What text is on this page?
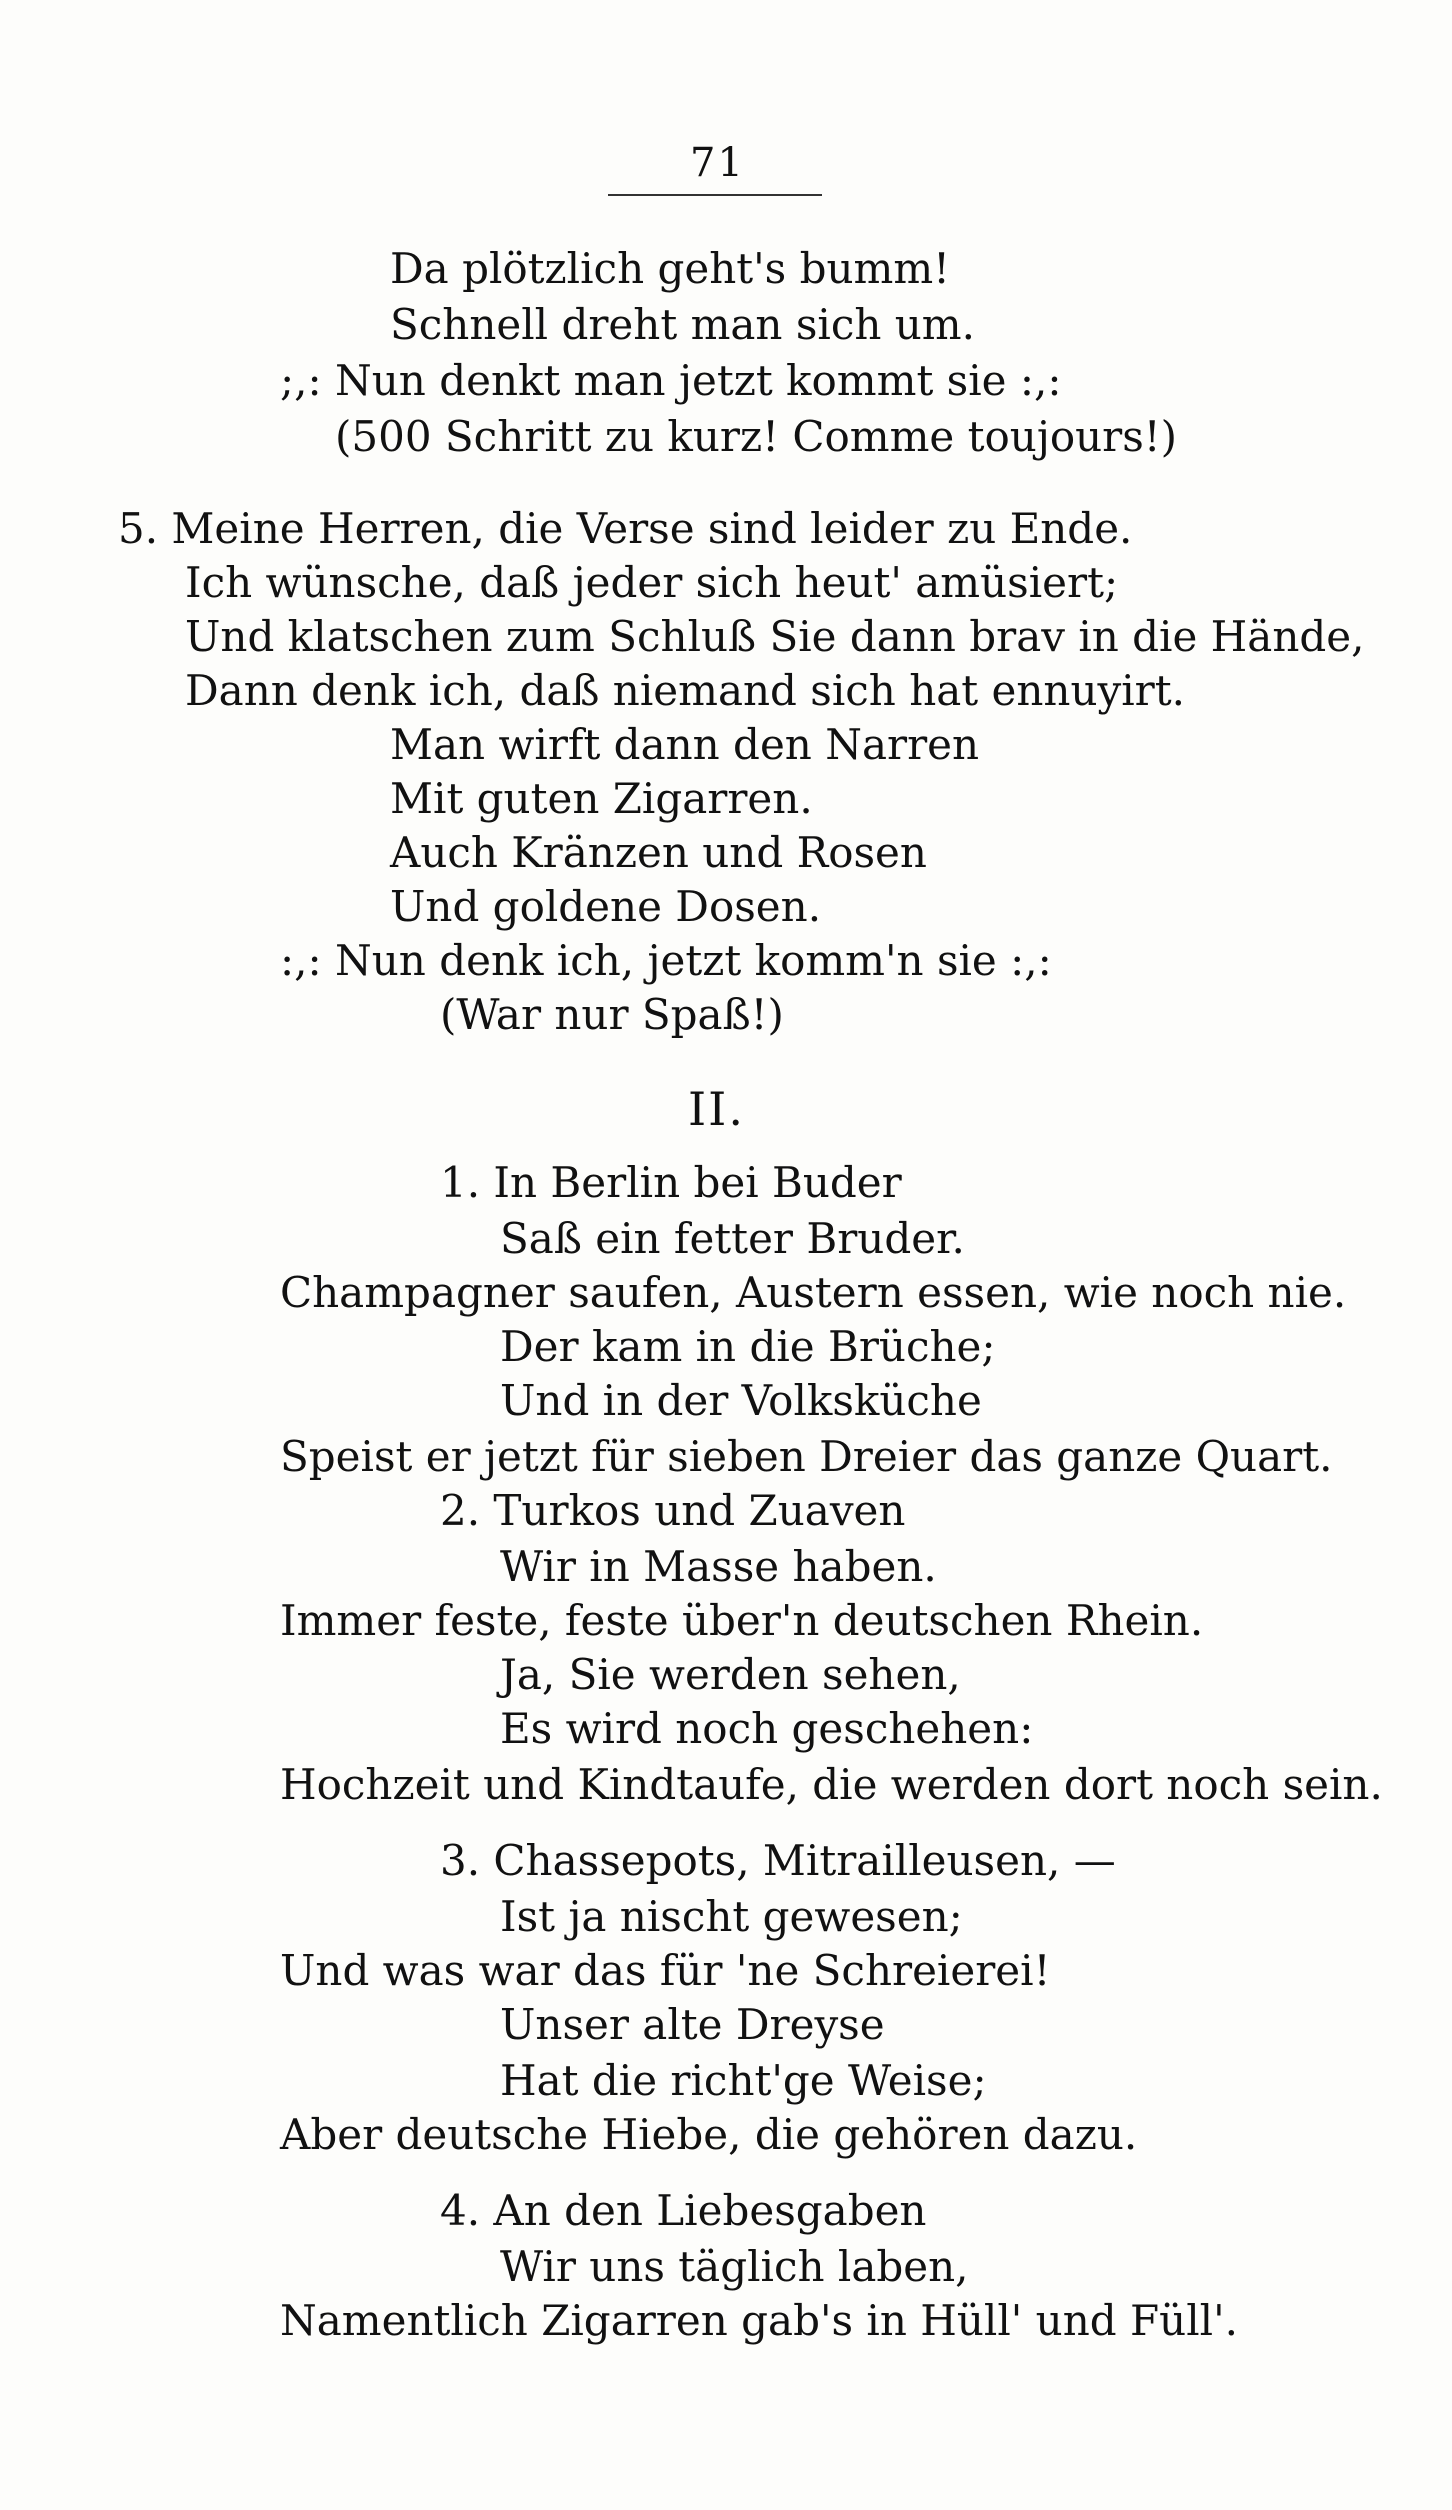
71
Da plötzlich geht's bumm!
Schnell dreht man sich um.
;,: Nun denkt man jetzt kommt sie :,:
(500 Schritt zu kurz! Comme toujours!)
5. Meine Herren, die Verse sind leider zu Ende.
Ich wünsche, daß jeder sich heut' amüsiert;
Und klatschen zum Schluß Sie dann brav in die Hände,
Dann denk ich, daß niemand sich hat ennuyirt.
Man wirft dann den Narren
Mit guten Zigarren.
Auch Kränzen und Rosen
Und goldene Dosen.
:,: Nun denk ich, jetzt komm'n sie :,:
(War nur Spaß!)
II.
1. In Berlin bei Buder
Saß ein fetter Bruder.
Champagner saufen, Austern essen, wie noch nie.
Der kam in die Brüche;
Und in der Volksküche
Speist er jetzt für sieben Dreier das ganze Quart.
2. Turkos und Zuaven
Wir in Masse haben.
Immer feste, feste über'n deutschen Rhein.
Ja, Sie werden sehen,
Es wird noch geschehen:
Hochzeit und Kindtaufe, die werden dort noch sein.
3. Chassepots, Mitrailleusen, —
Ist ja nischt gewesen;
Und was war das für 'ne Schreierei!
Unser alte Dreyse
Hat die richt'ge Weise;
Aber deutsche Hiebe, die gehören dazu.
4. An den Liebesgaben
Wir uns täglich laben,
Namentlich Zigarren gab's in Hüll' und Füll'.
